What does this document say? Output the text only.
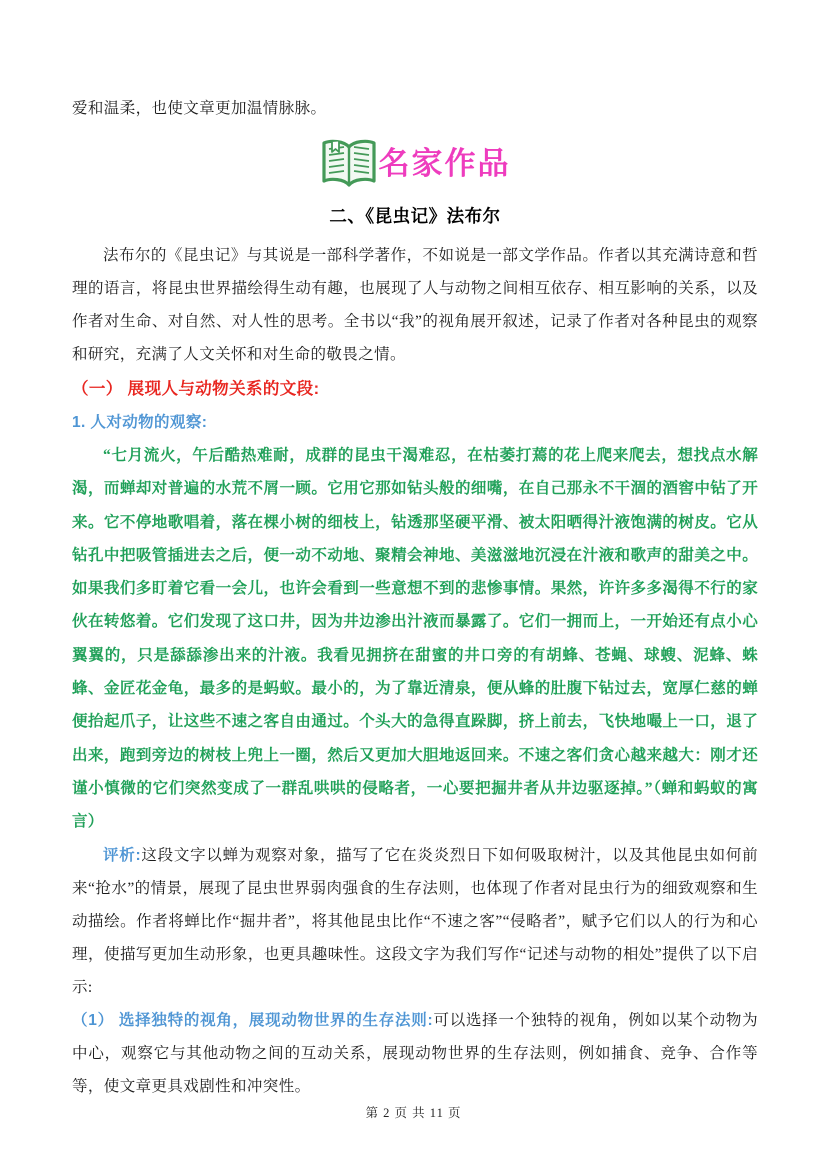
爱和温柔，也使文章更加温情脉脉。

名家作品
二、《昆虫记》法布尔

法布尔的《昆虫记》与其说是一部科学著作，不如说是一部文学作品。作者以其充满诗意和哲理的语言，将昆虫世界描绘得生动有趣，也展现了人与动物之间相互依存、相互影响的关系，以及作者对生命、对自然、对人性的思考。全书以“我”的视角展开叙述，记录了作者对各种昆虫的观察和研究，充满了人文关怀和对生命的敬畏之情。

（一） 展现人与动物关系的文段:
1. 人对动物的观察:

“七月流火，午后酷热难耐，成群的昆虫干渴难忍，在枯萎打蔫的花上爬来爬去，想找点水解渴，而蝉却对普遍的水荒不屑一顾。它用它那如钻头般的细嘴，在自己那永不干涸的酒窖中钻了开来。它不停地歌唱着，落在棵小树的细枝上，钻透那坚硬平滑、被太阳晒得汁液饱满的树皮。它从钻孔中把吸管插进去之后，便一动不动地、聚精会神地、美滋滋地沉浸在汁液和歌声的甜美之中。如果我们多盯着它看一会儿，也许会看到一些意想不到的悲惨事情。果然，许许多多渴得不行的家伙在转悠着。它们发现了这口井，因为井边渗出汁液而暴露了。它们一拥而上，一开始还有点小心翼翼的，只是舔舔渗出来的汁液。我看见拥挤在甜蜜的井口旁的有胡蜂、苍蝇、球螋、泥蜂、蛛蜂、金匠花金龟，最多的是蚂蚁。最小的，为了靠近清泉，便从蜂的肚腹下钻过去，宽厚仁慈的蝉便抬起爪子，让这些不速之客自由通过。个头大的急得直跺脚，挤上前去，飞快地嘬上一口，退了出来，跑到旁边的树枝上兜上一圈，然后又更加大胆地返回来。不速之客们贪心越来越大：刚才还谨小慎微的它们突然变成了一群乱哄哄的侵略者，一心要把掘井者从井边驱逐掉。”（蝉和蚂蚁的寓言）

评析:这段文字以蝉为观察对象，描写了它在炎炎烈日下如何吸取树汁，以及其他昆虫如何前来“抢水”的情景，展现了昆虫世界弱肉强食的生存法则，也体现了作者对昆虫行为的细致观察和生动描绘。作者将蝉比作“掘井者”，将其他昆虫比作“不速之客”“侵略者”，赋予它们以人的行为和心理，使描写更加生动形象，也更具趣味性。这段文字为我们写作“记述与动物的相处”提供了以下启示:

（1） 选择独特的视角，展现动物世界的生存法则:可以选择一个独特的视角，例如以某个动物为中心，观察它与其他动物之间的互动关系，展现动物世界的生存法则，例如捕食、竞争、合作等等，使文章更具戏剧性和冲突性。

第 2 页 共 11 页
